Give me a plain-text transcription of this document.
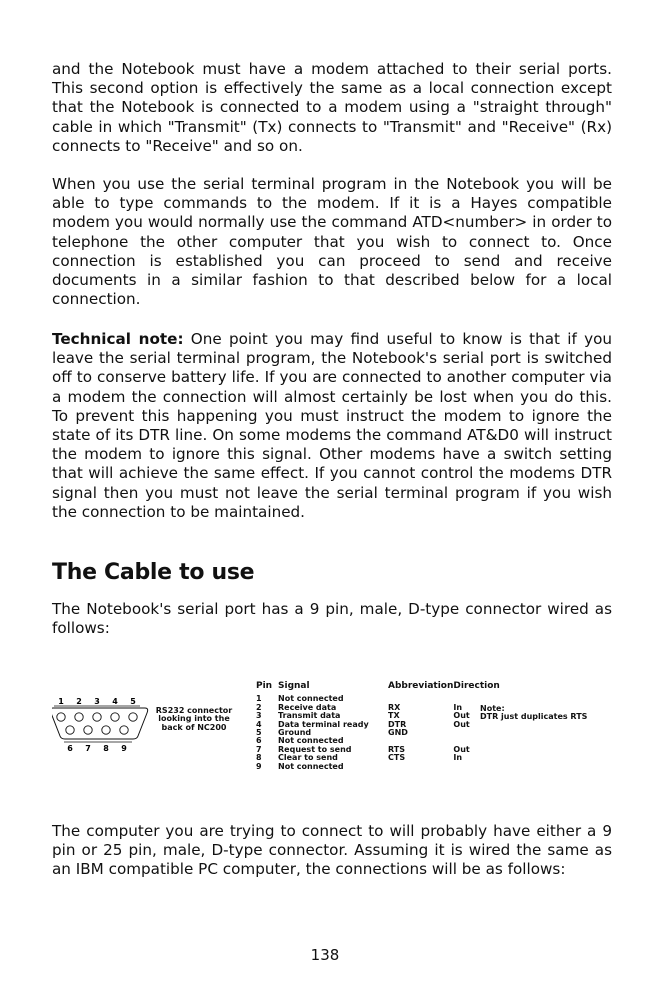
and the Notebook must have a modem attached to their serial ports. This second option is effectively the same as a local connection except that the Notebook is connected to a modem using a "straight through" cable in which "Transmit" (Tx) connects to "Transmit" and "Receive" (Rx) connects to "Receive" and so on.

When you use the serial terminal program in the Notebook you will be able to type commands to the modem. If it is a Hayes compatible modem you would normally use the command ATD<number> in order to telephone the other computer that you wish to connect to. Once connection is established you can proceed to send and receive documents in a similar fashion to that described below for a local connection.

Technical note: One point you may find useful to know is that if you leave the serial terminal program, the Notebook's serial port is switched off to conserve battery life. If you are connected to another computer via a modem the connection will almost certainly be lost when you do this. To prevent this happening you must instruct the modem to ignore the state of its DTR line. On some modems the command AT&D0 will instruct the modem to ignore this signal. Other modems have a switch setting that will achieve the same effect. If you cannot control the modems DTR signal then you must not leave the serial terminal program if you wish the connection to be maintained.

The Cable to use

The Notebook's serial port has a 9 pin, male, D-type connector wired as follows:

1 2 3 4 5
6 7 8 9
RS232 connector
looking into the
back of NC200
Pin	Signal	Abbreviation	Direction
1	Not connected		
2	Receive data	RX	In
3	Transmit data	TX	Out
4	Data terminal ready	DTR	Out
5	Ground	GND	
6	Not connected		
7	Request to send	RTS	Out
8	Clear to send	CTS	In
9	Not connected		
Note:
DTR just duplicates RTS

The computer you are trying to connect to will probably have either a 9 pin or 25 pin, male, D-type connector. Assuming it is wired the same as an IBM compatible PC computer, the connections will be as follows:

138
